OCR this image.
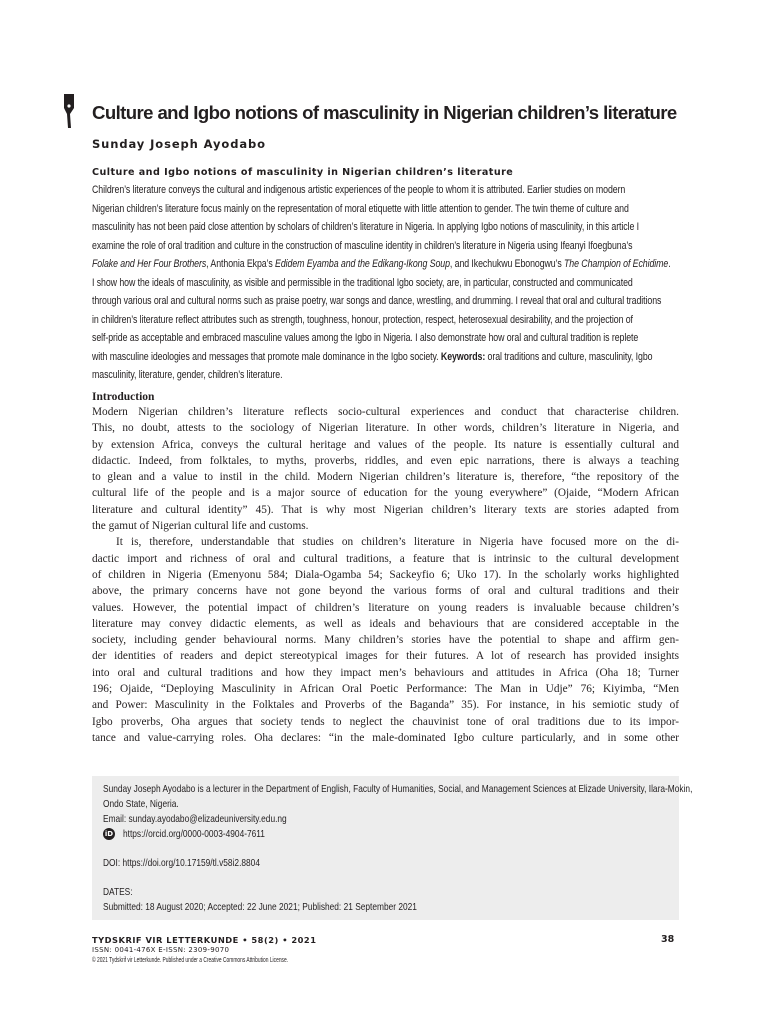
Culture and Igbo notions of masculinity in Nigerian children’s literature
Sunday Joseph Ayodabo
Culture and Igbo notions of masculinity in Nigerian children’s literature
Children’s literature conveys the cultural and indigenous artistic experiences of the people to whom it is attributed. Earlier studies on modern
Nigerian children’s literature focus mainly on the representation of moral etiquette with little attention to gender. The twin theme of culture and
masculinity has not been paid close attention by scholars of children’s literature in Nigeria. In applying Igbo notions of masculinity, in this article I
examine the role of oral tradition and culture in the construction of masculine identity in children’s literature in Nigeria using Ifeanyi Ifoegbuna’s
Folake and Her Four Brothers, Anthonia Ekpa’s Edidem Eyamba and the Edikang-Ikong Soup, and Ikechukwu Ebonogwu’s The Champion of Echidime.
I show how the ideals of masculinity, as visible and permissible in the traditional Igbo society, are, in particular, constructed and communicated
through various oral and cultural norms such as praise poetry, war songs and dance, wrestling, and drumming. I reveal that oral and cultural traditions
in children’s literature reflect attributes such as strength, toughness, honour, protection, respect, heterosexual desirability, and the projection of
self-pride as acceptable and embraced masculine values among the Igbo in Nigeria. I also demonstrate how oral and cultural tradition is replete
with masculine ideologies and messages that promote male dominance in the Igbo society. Keywords: oral traditions and culture, masculinity, Igbo
masculinity, literature, gender, children’s literature.
Introduction
Modern Nigerian children’s literature reflects socio-cultural experiences and conduct that characterise children.
This, no doubt, attests to the sociology of Nigerian literature. In other words, children’s literature in Nigeria, and
by extension Africa, conveys the cultural heritage and values of the people. Its nature is essentially cultural and
didactic. Indeed, from folktales, to myths, proverbs, riddles, and even epic narrations, there is always a teaching
to glean and a value to instil in the child. Modern Nigerian children’s literature is, therefore, “the repository of the
cultural life of the people and is a major source of education for the young everywhere” (Ojaide, “Modern African
literature and cultural identity” 45). That is why most Nigerian children’s literary texts are stories adapted from
the gamut of Nigerian cultural life and customs.
It is, therefore, understandable that studies on children’s literature in Nigeria have focused more on the di-
dactic import and richness of oral and cultural traditions, a feature that is intrinsic to the cultural development
of children in Nigeria (Emenyonu 584; Diala-Ogamba 54; Sackeyfio 6; Uko 17). In the scholarly works highlighted
above, the primary concerns have not gone beyond the various forms of oral and cultural traditions and their
values. However, the potential impact of children’s literature on young readers is invaluable because children’s
literature may convey didactic elements, as well as ideals and behaviours that are considered acceptable in the
society, including gender behavioural norms. Many children’s stories have the potential to shape and affirm gen-
der identities of readers and depict stereotypical images for their futures. A lot of research has provided insights
into oral and cultural traditions and how they impact men’s behaviours and attitudes in Africa (Oha 18; Turner
196; Ojaide, “Deploying Masculinity in African Oral Poetic Performance: The Man in Udje” 76; Kiyimba, “Men
and Power: Masculinity in the Folktales and Proverbs of the Baganda” 35). For instance, in his semiotic study of
Igbo proverbs, Oha argues that society tends to neglect the chauvinist tone of oral traditions due to its impor-
tance and value-carrying roles. Oha declares: “in the male-dominated Igbo culture particularly, and in some other
Sunday Joseph Ayodabo is a lecturer in the Department of English, Faculty of Humanities, Social, and Management Sciences at Elizade University, Ilara-Mokin,
Ondo State, Nigeria.
Email: sunday.ayodabo@elizadeuniversity.edu.ng
iD https://orcid.org/0000-0003-4904-7611
DOI: https://doi.org/10.17159/tl.v58i2.8804
DATES:
Submitted: 18 August 2020; Accepted: 22 June 2021; Published: 21 September 2021
TYDSKRIF VIR LETTERKUNDE • 58(2) • 2021	38
ISSN: 0041-476X E-ISSN: 2309-9070
© 2021 Tydskrif vir Letterkunde. Published under a Creative Commons Attribution License.
